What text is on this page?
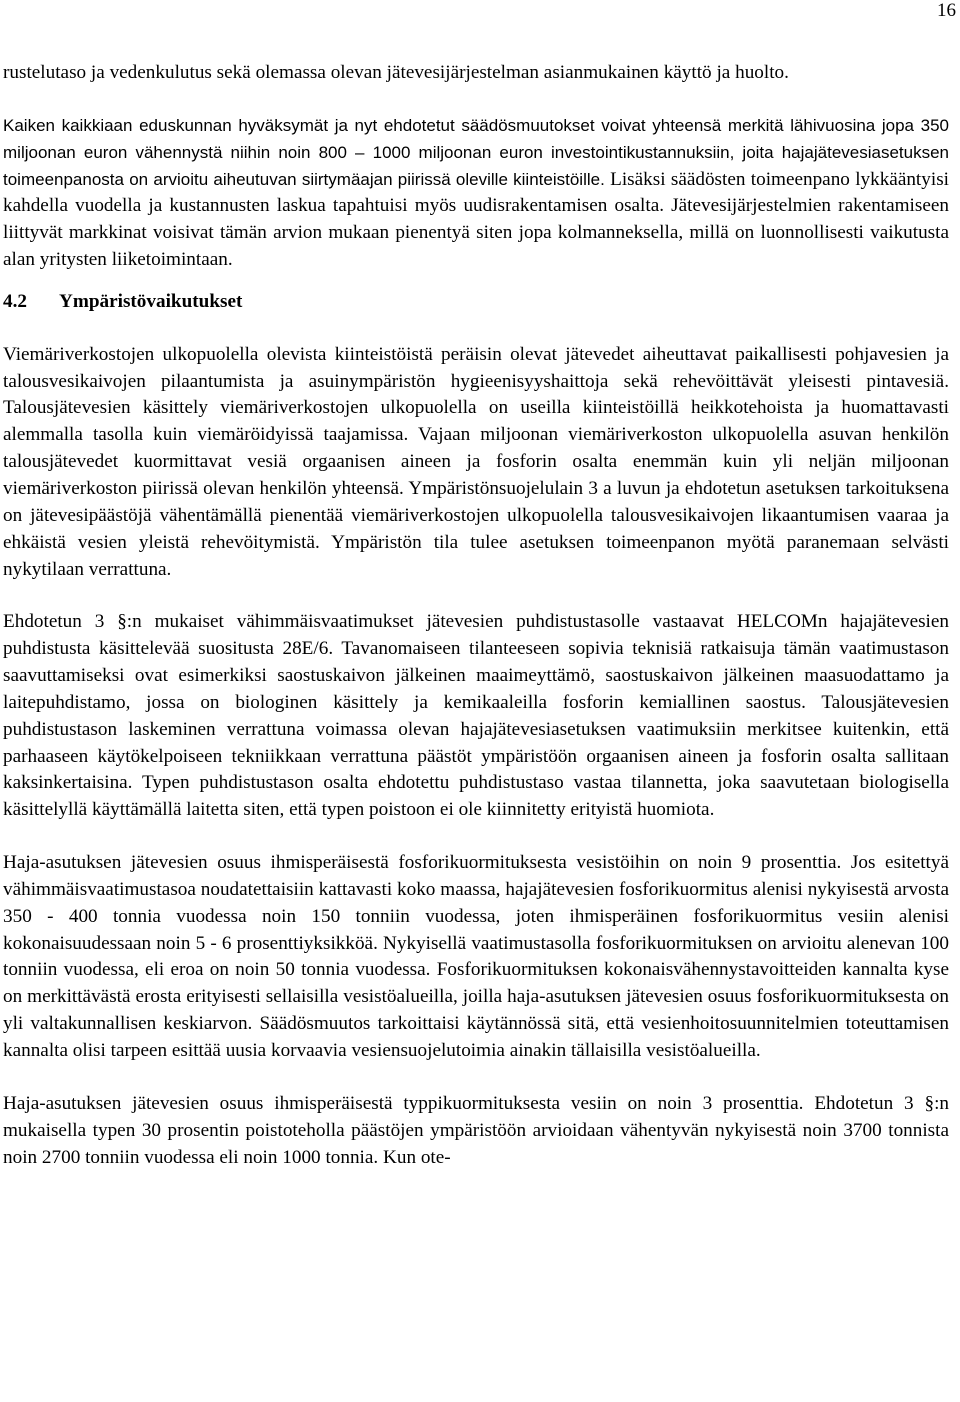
16

rustelutaso ja vedenkulutus sekä olemassa olevan jätevesijärjestelman asianmukainen käyttö ja huolto.

Kaiken kaikkiaan eduskunnan hyväksymät ja nyt ehdotetut säädösmuutokset voivat yhteensä merkitä lähivuosina jopa 350 miljoonan euron vähennystä niihin noin 800 – 1000 miljoonan euron investointikustannuksiin, joita hajajätevesiasetuksen toimeenpanosta on arvioitu aiheutuvan siirtymäajan piirissä oleville kiinteistöille. Lisäksi säädösten toimeenpano lykkääntyisi kahdella vuodella ja kustannusten laskua tapahtuisi myös uudisrakentamisen osalta. Jätevesijärjestelmien rakentamiseen liittyvät markkinat voisivat tämän arvion mukaan pienentyä siten jopa kolmanneksella, millä on luonnollisesti vaikutusta alan yritysten liiketoimintaan.

4.2 Ympäristövaikutukset

Viemäriverkostojen ulkopuolella olevista kiinteistöistä peräisin olevat jätevedet aiheuttavat paikallisesti pohjavesien ja talousvesikaivojen pilaantumista ja asuinympäristön hygieenisyyshaittoja sekä rehevöittävät yleisesti pintavesiä. Talousjätevesien käsittely viemäriverkostojen ulkopuolella on useilla kiinteistöillä heikkotehoista ja huomattavasti alemmalla tasolla kuin viemäröidyissä taajamissa. Vajaan miljoonan viemäriverkoston ulkopuolella asuvan henkilön talousjätevedet kuormittavat vesiä orgaanisen aineen ja fosforin osalta enemmän kuin yli neljän miljoonan viemäriverkoston piirissä olevan henkilön yhteensä. Ympäristönsuojelulain 3 a luvun ja ehdotetun asetuksen tarkoituksena on jätevesipäästöjä vähentämällä pienentää viemäriverkostojen ulkopuolella talousvesikaivojen likaantumisen vaaraa ja ehkäistä vesien yleistä rehevöitymistä. Ympäristön tila tulee asetuksen toimeenpanon myötä paranemaan selvästi nykytilaan verrattuna.

Ehdotetun 3 §:n mukaiset vähimmäisvaatimukset jätevesien puhdistustasolle vastaavat HELCOMn hajajätevesien puhdistusta käsittelevää suositusta 28E/6. Tavanomaiseen tilanteeseen sopivia teknisiä ratkaisuja tämän vaatimustason saavuttamiseksi ovat esimerkiksi saostuskaivon jälkeinen maaimeyttämö, saostuskaivon jälkeinen maasuodattamo ja laitepuhdistamo, jossa on biologinen käsittely ja kemikaaleilla fosforin kemiallinen saostus. Talousjätevesien puhdistustason laskeminen verrattuna voimassa olevan hajajätevesiasetuksen vaatimuksiin merkitsee kuitenkin, että parhaaseen käytökelpoiseen tekniikkaan verrattuna päästöt ympäristöön orgaanisen aineen ja fosforin osalta sallitaan kaksinkertaisina. Typen puhdistustason osalta ehdotettu puhdistustaso vastaa tilannetta, joka saavutetaan biologisella käsittelyllä käyttämällä laitetta siten, että typen poistoon ei ole kiinnitetty erityistä huomiota.

Haja-asutuksen jätevesien osuus ihmisperäisestä fosforikuormituksesta vesistöihin on noin 9 prosenttia. Jos esitettyä vähimmäisvaatimustasoa noudatettaisiin kattavasti koko maassa, hajajätevesien fosforikuormitus alenisi nykyisestä arvosta 350 - 400 tonnia vuodessa noin 150 tonniin vuodessa, joten ihmisperäinen fosforikuormitus vesiin alenisi kokonaisuudessaan noin 5 - 6 prosenttiyksikköä. Nykyisellä vaatimustasolla fosforikuormituksen on arvioitu alenevan 100 tonniin vuodessa, eli eroa on noin 50 tonnia vuodessa. Fosforikuormituksen kokonaisvähennystavoitteiden kannalta kyse on merkittävästä erosta erityisesti sellaisilla vesistöalueilla, joilla haja-asutuksen jätevesien osuus fosforikuormituksesta on yli valtakunnallisen keskiarvon. Säädösmuutos tarkoittaisi käytännössä sitä, että vesienhoitosuunnitelmien toteuttamisen kannalta olisi tarpeen esittää uusia korvaavia vesiensuojelutoimia ainakin tällaisilla vesistöalueilla.

Haja-asutuksen jätevesien osuus ihmisperäisestä typpikuormituksesta vesiin on noin 3 prosenttia. Ehdotetun 3 §:n mukaisella typen 30 prosentin poistoteholla päästöjen ympäristöön arvioidaan vähentyvän nykyisestä noin 3700 tonnista noin 2700 tonniin vuodessa eli noin 1000 tonnia. Kun ote-
